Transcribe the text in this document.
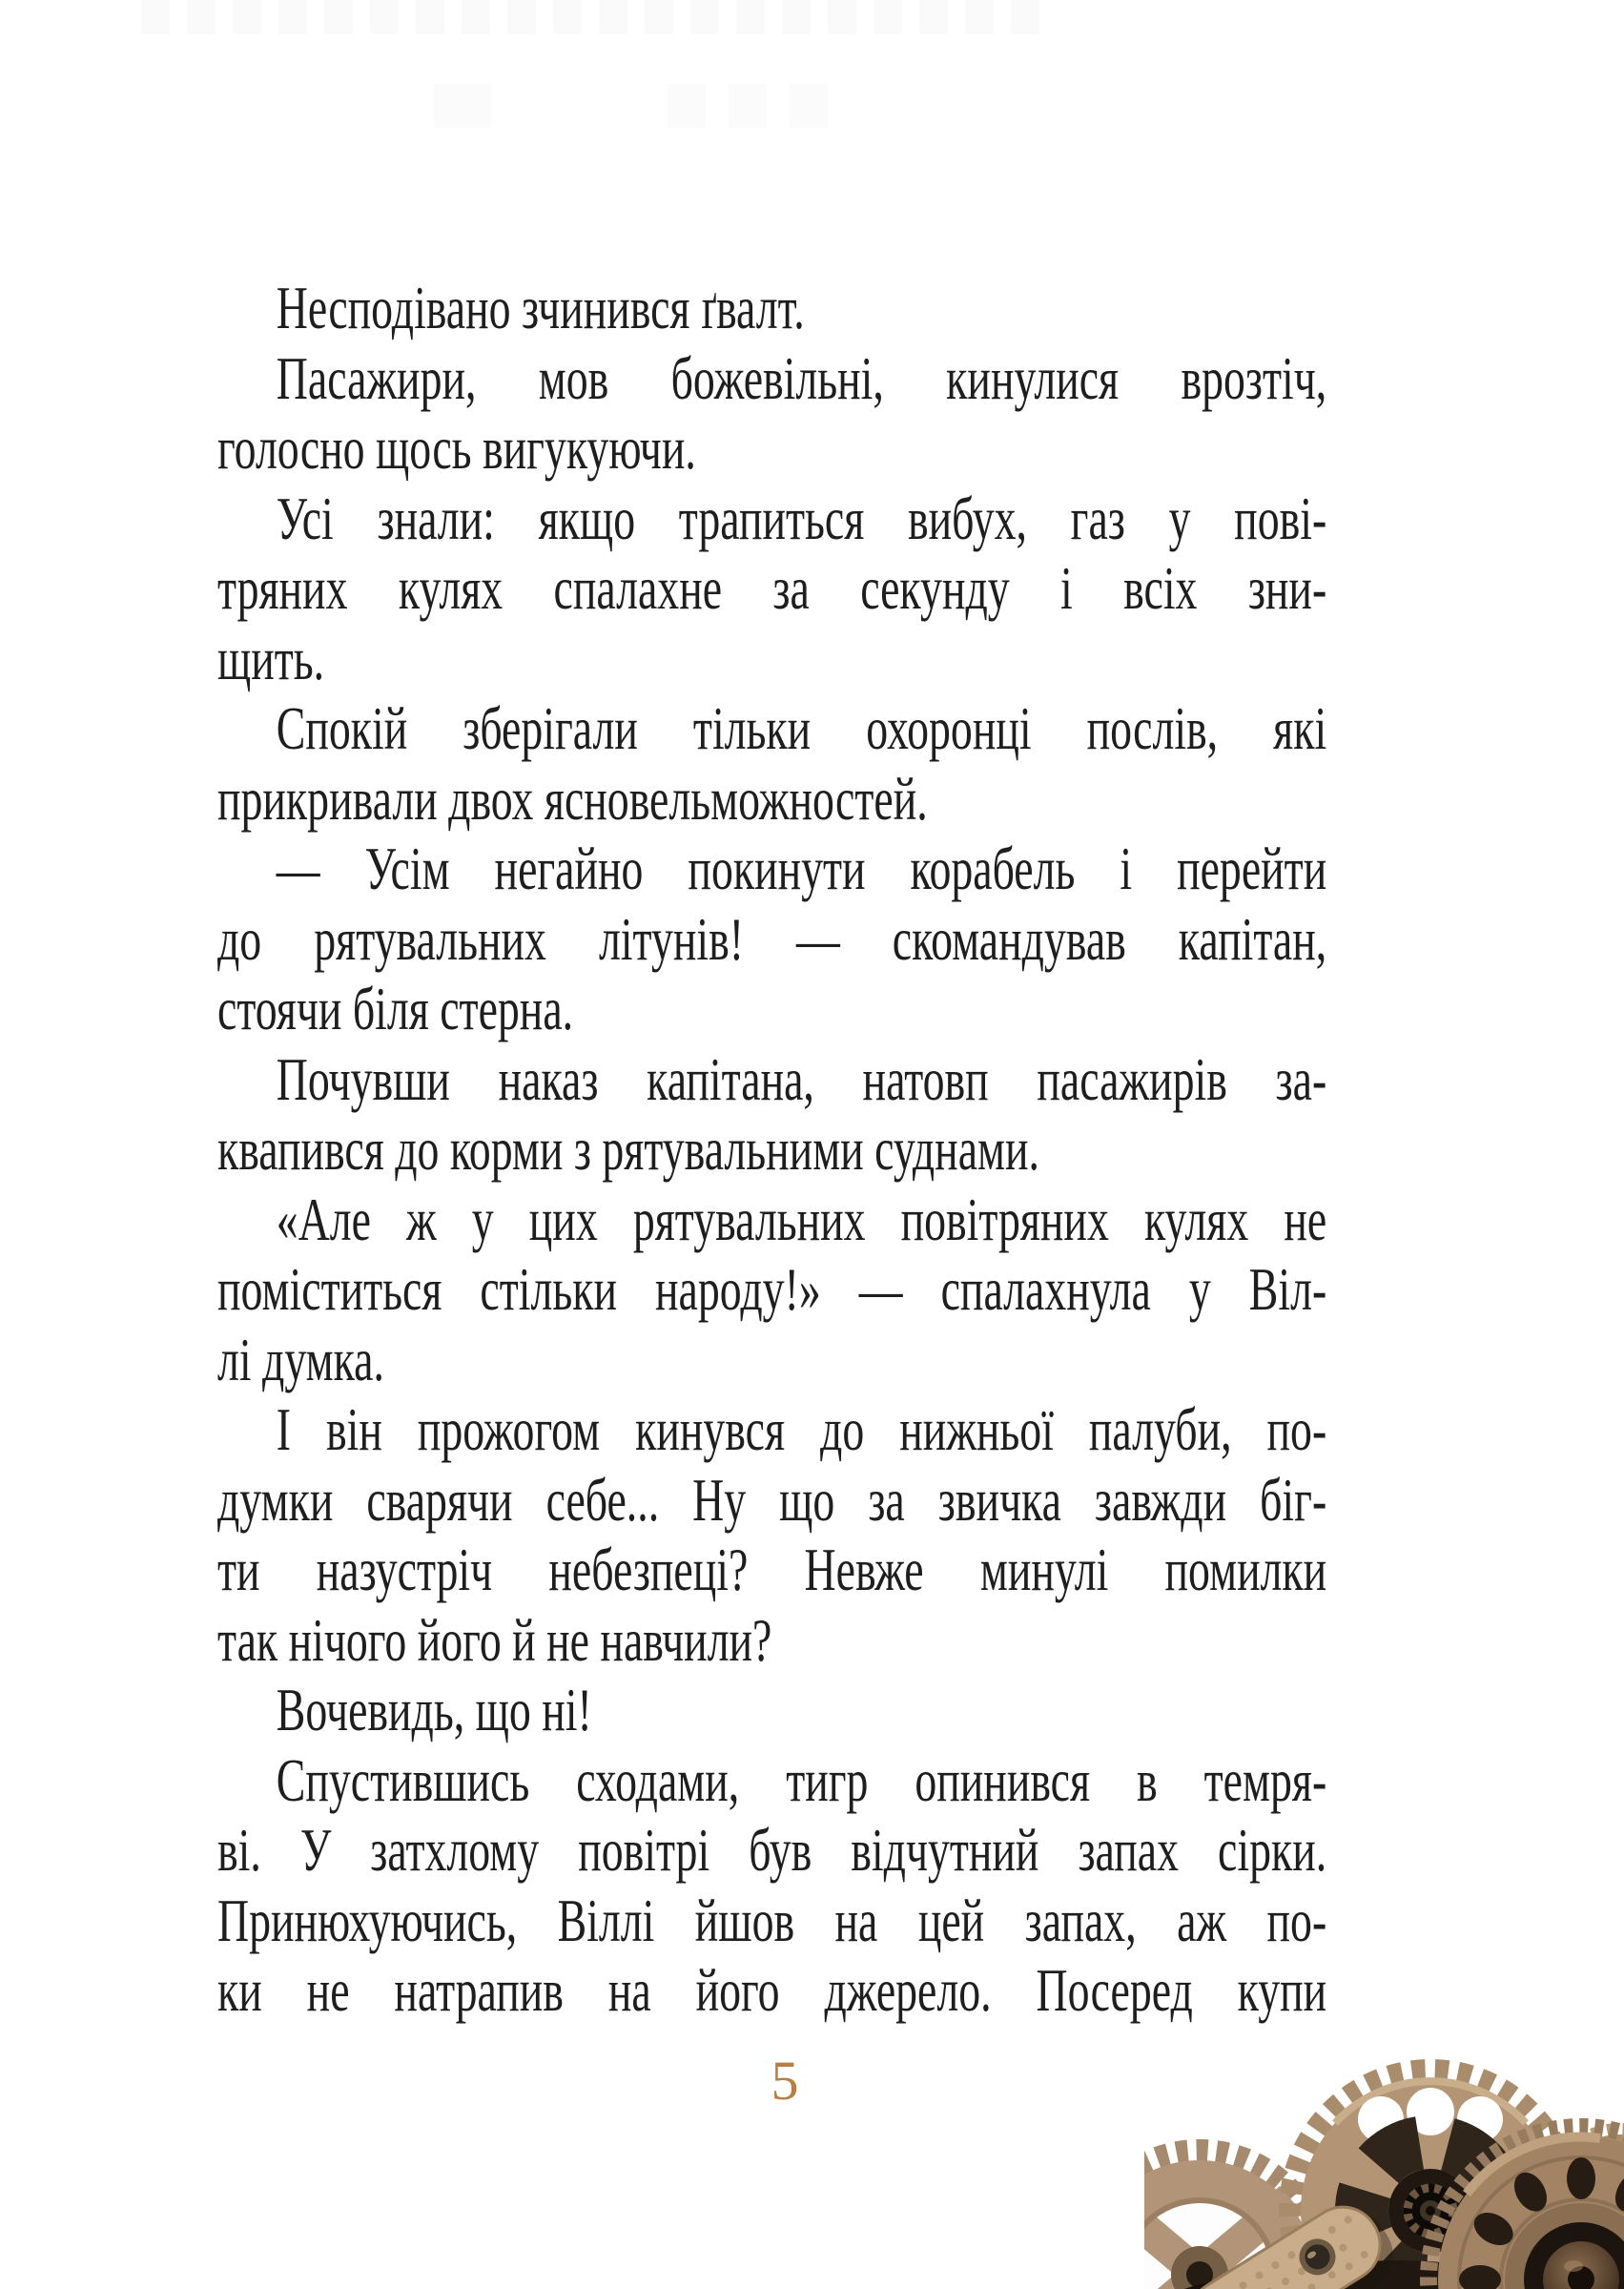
Несподівано зчинився ґвалт.
Пасажири, мов божевільні, кинулися врозтіч,
голосно щось вигукуючи.
Усі знали: якщо трапиться вибух, газ у пові-
тряних кулях спалахне за секунду і всіх зни-
щить.
Спокій зберігали тільки охоронці послів, які
прикривали двох ясновельможностей.
— Усім негайно покинути корабель і перейти
до рятувальних літунів! — скомандував капітан,
стоячи біля стерна.
Почувши наказ капітана, натовп пасажирів за-
квапився до корми з рятувальними суднами.
«Але ж у цих рятувальних повітряних кулях не
поміститься стільки народу!» — спалахнула у Віл-
лі думка.
І він прожогом кинувся до нижньої палуби, по-
думки сварячи себе... Ну що за звичка завжди біг-
ти назустріч небезпеці? Невже минулі помилки
так нічого його й не навчили?
Вочевидь, що ні!
Спустившись сходами, тигр опинився в темря-
ві. У затхлому повітрі був відчутний запах сірки.
Принюхуючись, Віллі йшов на цей запах, аж по-
ки не натрапив на його джерело. Посеред купи
5
